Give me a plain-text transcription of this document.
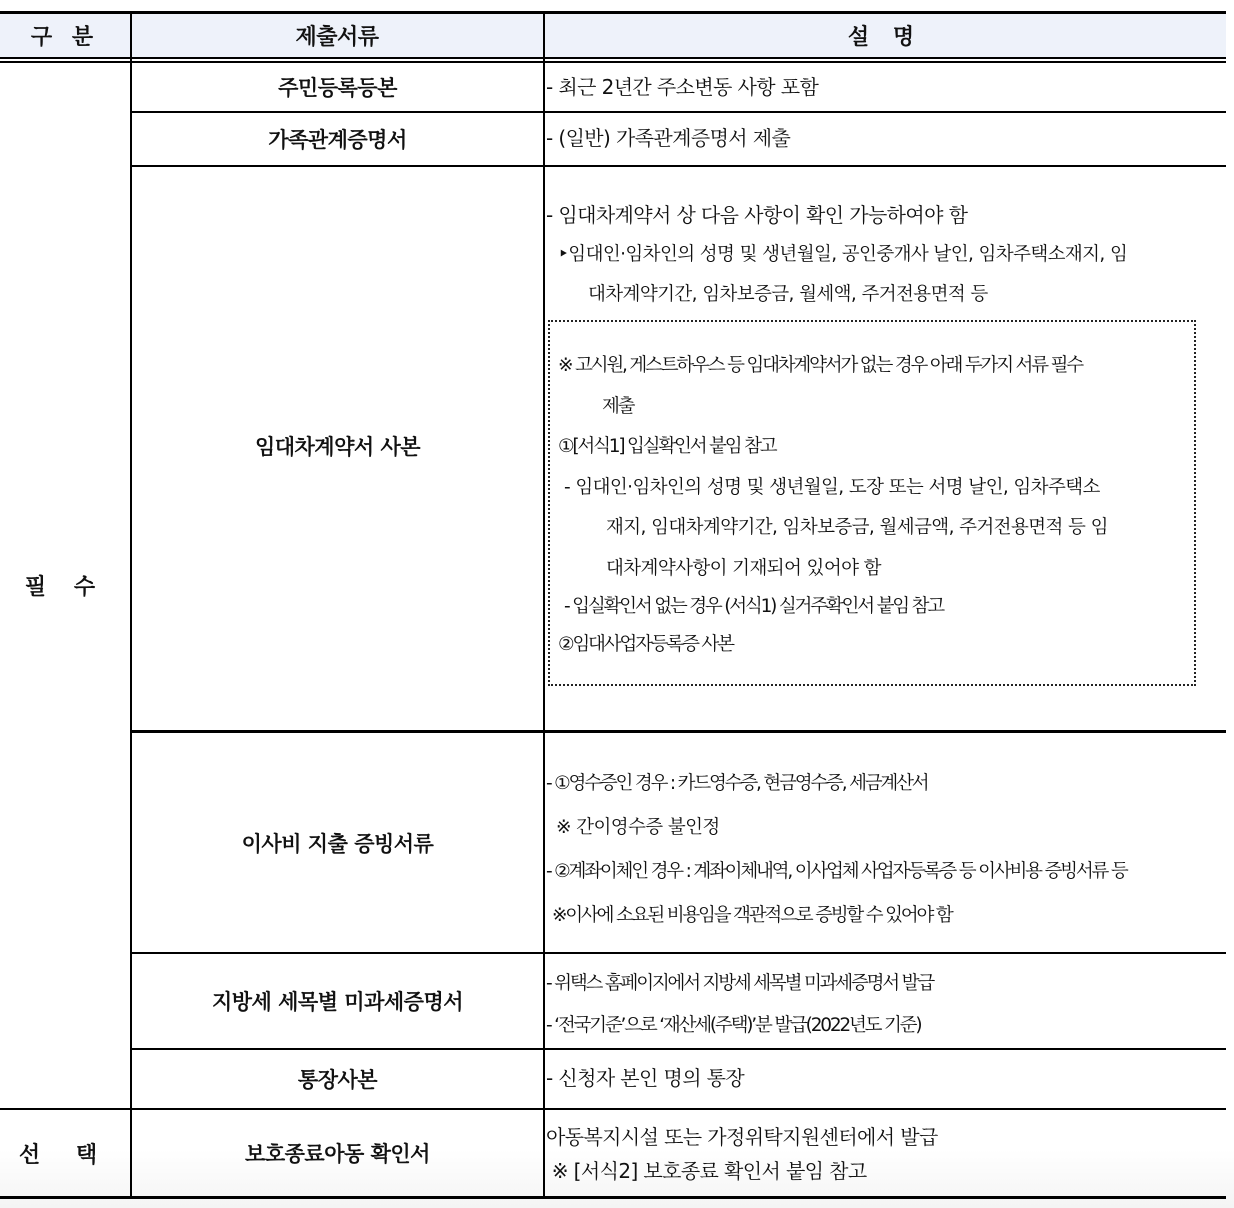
구 분	제출서류	설 명
필 수
선 택
주민등록등본
가족관계증명서
임대차계약서 사본
이사비 지출 증빙서류
지방세 세목별 미과세증명서
통장사본
보호종료아동 확인서
- 최근 2년간 주소변동 사항 포함
- (일반) 가족관계증명서 제출
- 임대차계약서 상 다음 사항이 확인 가능하여야 함
‣임대인·임차인의 성명 및 생년월일, 공인중개사 날인, 임차주택소재지, 임
대차계약기간, 임차보증금, 월세액, 주거전용면적 등
※ 고시원, 게스트하우스 등 임대차계약서가 없는 경우 아래 두가지 서류 필수
제출
①[서식1] 입실확인서 붙임 참고
- 임대인·임차인의 성명 및 생년월일, 도장 또는 서명 날인, 임차주택소
재지, 임대차계약기간, 임차보증금, 월세금액, 주거전용면적 등 임
대차계약사항이 기재되어 있어야 함
- 입실확인서 없는 경우 (서식1) 실거주확인서 붙임 참고
②임대사업자등록증 사본
- ①영수증인 경우 : 카드영수증, 현금영수증, 세금계산서
※ 간이영수증 불인정
- ②계좌이체인 경우 : 계좌이체내역, 이사업체 사업자등록증 등 이사비용 증빙서류 등
※이사에 소요된 비용임을 객관적으로 증빙할 수 있어야 함
- 위택스 홈페이지에서 지방세 세목별 미과세증명서 발급
- ‘전국기준’으로 ‘재산세(주택)’분 발급(2022년도 기준)
- 신청자 본인 명의 통장
아동복지시설 또는 가정위탁지원센터에서 발급
※ [서식2] 보호종료 확인서 붙임 참고
